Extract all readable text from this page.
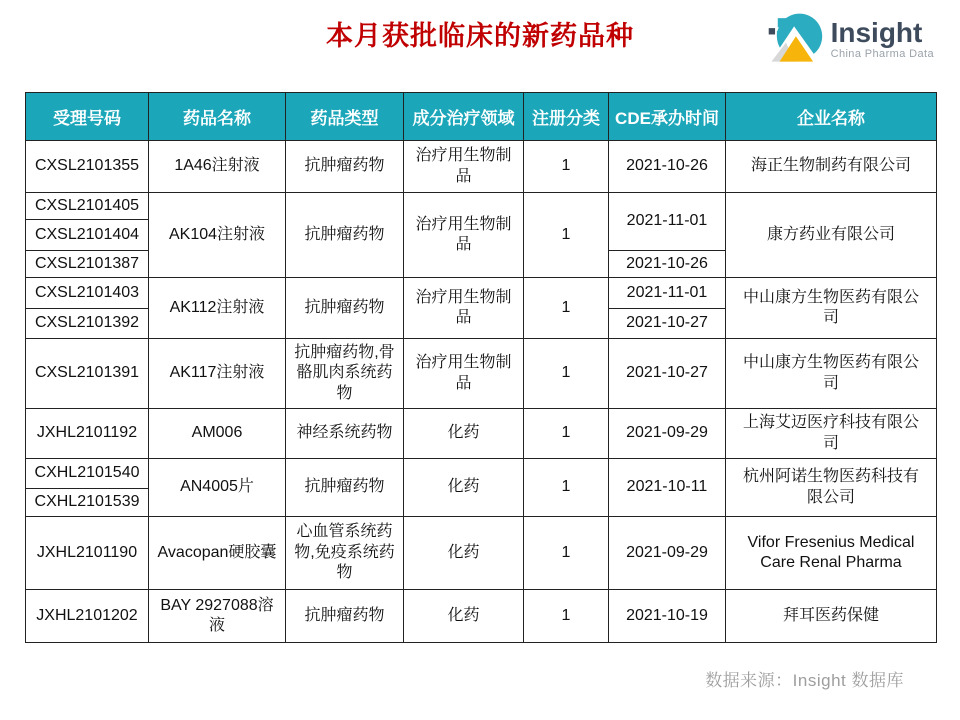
本月获批临床的新药品种	Insight
China Pharma Data
受理号码	药品名称	药品类型	成分治疗领域	注册分类	CDE承办时间	企业名称
CXSL2101355	1A46注射液	抗肿瘤药物	治疗用生物制品	1	2021-10-26	海正生物制药有限公司
CXSL2101405	AK104注射液	抗肿瘤药物	治疗用生物制品	1	2021-11-01	康方药业有限公司
CXSL2101404						
CXSL2101387					2021-10-26	
CXSL2101403	AK112注射液	抗肿瘤药物	治疗用生物制品	1	2021-11-01	中山康方生物医药有限公司
CXSL2101392					2021-10-27	
CXSL2101391	AK117注射液	抗肿瘤药物,骨骼肌肉系统药物	治疗用生物制品	1	2021-10-27	中山康方生物医药有限公司
JXHL2101192	AM006	神经系统药物	化药	1	2021-09-29	上海艾迈医疗科技有限公司
CXHL2101540	AN4005片	抗肿瘤药物	化药	1	2021-10-11	杭州阿诺生物医药科技有限公司
CXHL2101539						
JXHL2101190	Avacopan硬胶囊	心血管系统药物,免疫系统药物	化药	1	2021-09-29	Vifor Fresenius Medical Care Renal Pharma
JXHL2101202	BAY 2927088溶液	抗肿瘤药物	化药	1	2021-10-19	拜耳医药保健
数据来源：Insight 数据库
